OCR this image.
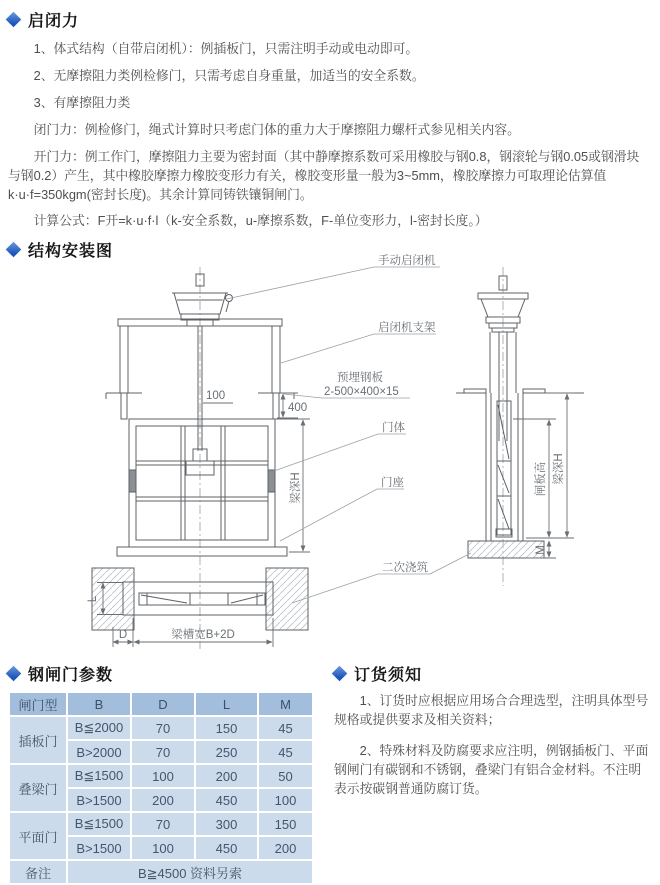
启闭力

1、体式结构（自带启闭机）：例插板门，只需注明手动或电动即可。

2、无摩擦阻力类例检修门，只需考虑自身重量，加适当的安全系数。

3、有摩擦阻力类

闭门力：例检修门，绳式计算时只考虑门体的重力大于摩擦阻力螺杆式参见相关内容。

开门力：例工作门，摩擦阻力主要为密封面（其中静摩擦系数可采用橡胶与钢0.8，钢滚轮与钢0.05或钢滑块与钢0.2）产生，其中橡胶摩擦力橡胶变形力有关，橡胶变形量一般为3~5mm，橡胶摩擦力可取理论估算值k·u·f=350kgm(密封长度)。其余计算同铸铁镶铜闸门。

计算公式：F开=k·u·f·l（k-安全系数，u-摩擦系数，F-单位变形力，l-密封长度。）

结构安装图
手动启闭机
启闭机支架
预埋钢板
2-500×400×15
门体
门座
二次浇筑
100
400
梁深H	闸板高 梁深H
M
L
D	梁槽宽B+2D
钢闸门参数
闸门型	B	D	L	M
插板门	B≦2000	70	150	45
	B>2000	70	250	45
叠梁门	B≦1500	100	200	50
	B>1500	200	450	100
平面门	B≦1500	70	300	150
	B>1500	100	450	200
备注	B≧4500 资料另索			
订货须知

1、订货时应根据应用场合合理选型，注明具体型号规格或提供要求及相关资料；

2、特殊材料及防腐要求应注明，例钢插板门、平面钢闸门有碳钢和不锈钢，叠梁门有铝合金材料。不注明表示按碳钢普通防腐订货。
